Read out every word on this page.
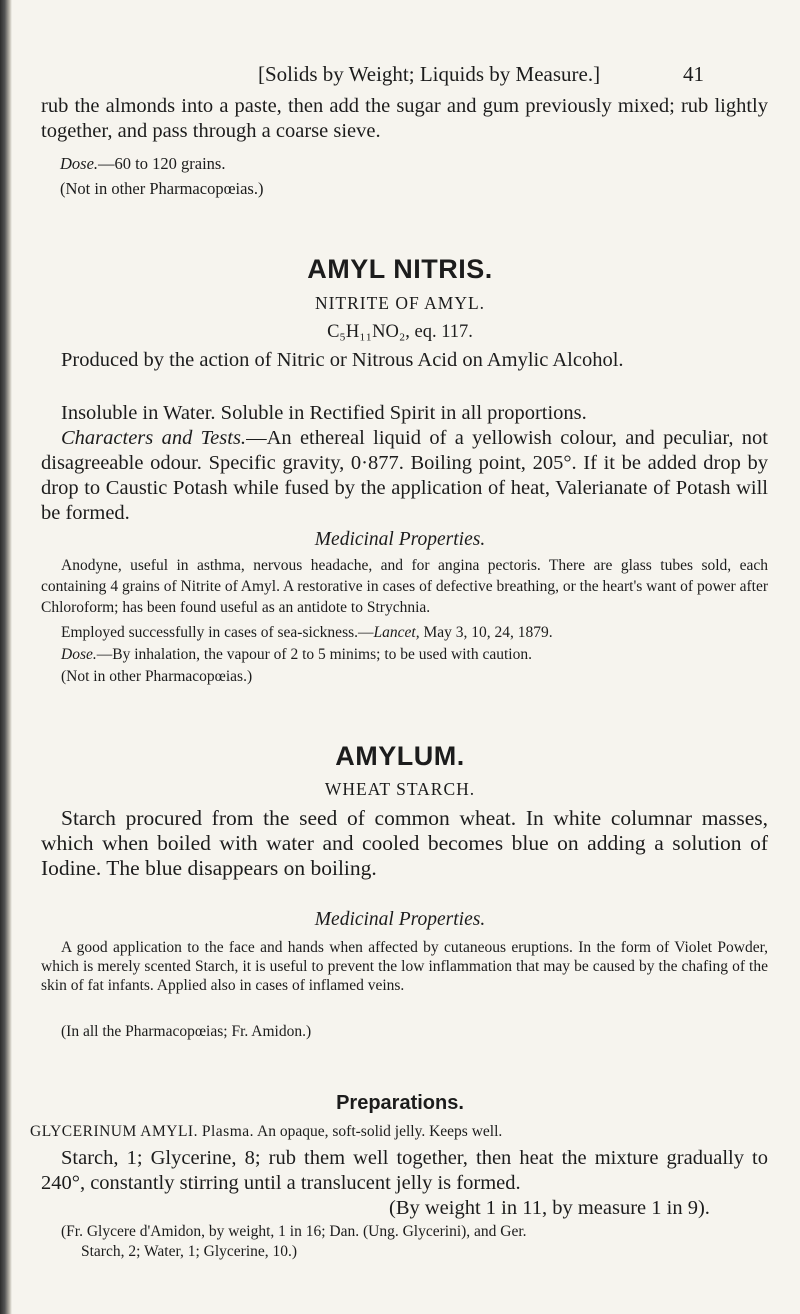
[Solids by Weight; Liquids by Measure.]	41

rub the almonds into a paste, then add the sugar and gum previously mixed; rub lightly together, and pass through a coarse sieve.

Dose.—60 to 120 grains.

(Not in other Pharmacopœias.)

AMYL NITRIS.

NITRITE OF AMYL.

C₅H₁₁NO₂, eq. 117.

Produced by the action of Nitric or Nitrous Acid on Amylic Alcohol.

Insoluble in Water. Soluble in Rectified Spirit in all proportions.

Characters and Tests.—An ethereal liquid of a yellowish colour, and peculiar, not disagreeable odour. Specific gravity, 0·877. Boiling point, 205°. If it be added drop by drop to Caustic Potash while fused by the application of heat, Valerianate of Potash will be formed.

Medicinal Properties.

Anodyne, useful in asthma, nervous headache, and for angina pectoris. There are glass tubes sold, each containing 4 grains of Nitrite of Amyl. A restorative in cases of defective breathing, or the heart's want of power after Chloroform; has been found useful as an antidote to Strychnia.

Employed successfully in cases of sea-sickness.—Lancet, May 3, 10, 24, 1879.

Dose.—By inhalation, the vapour of 2 to 5 minims; to be used with caution.

(Not in other Pharmacopœias.)

AMYLUM.

WHEAT STARCH.

Starch procured from the seed of common wheat. In white columnar masses, which when boiled with water and cooled becomes blue on adding a solution of Iodine. The blue disappears on boiling.

Medicinal Properties.

A good application to the face and hands when affected by cutaneous eruptions. In the form of Violet Powder, which is merely scented Starch, it is useful to prevent the low inflammation that may be caused by the chafing of the skin of fat infants. Applied also in cases of inflamed veins.

(In all the Pharmacopœias; Fr. Amidon.)

Preparations.

GLYCERINUM AMYLI. Plasma. An opaque, soft-solid jelly. Keeps well.

Starch, 1; Glycerine, 8; rub them well together, then heat the mixture gradually to 240°, constantly stirring until a translucent jelly is formed.

(By weight 1 in 11, by measure 1 in 9).

(Fr. Glycere d'Amidon, by weight, 1 in 16; Dan. (Ung. Glycerini), and Ger.

Starch, 2; Water, 1; Glycerine, 10.)
